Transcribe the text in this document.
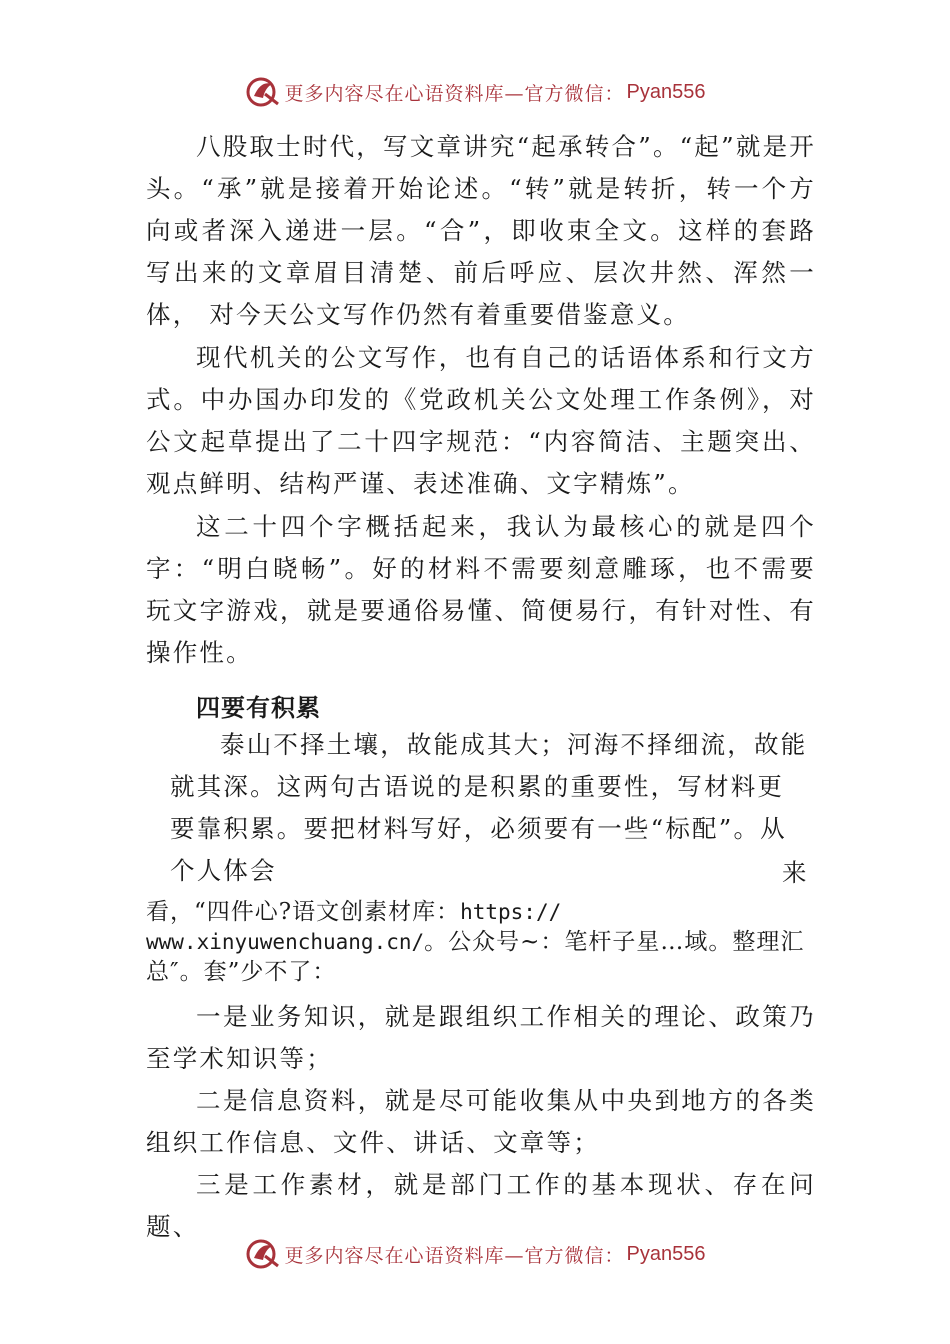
更多内容尽在心语资料库—官方微信： Pyan556

八股取士时代，写文章讲究“起承转合”。“起”就是开头。“承”就是接着开始论述。“转”就是转折，转一个方向或者深入递进一层。“合”，即收束全文。这样的套路写出来的文章眉目清楚、前后呼应、层次井然、浑然一体， 对今天公文写作仍然有着重要借鉴意义。

现代机关的公文写作，也有自己的话语体系和行文方式。中办国办印发的《党政机关公文处理工作条例》，对公文起草提出了二十四字规范：“内容简洁、主题突出、观点鲜明、结构严谨、表述准确、文字精炼”。

这二十四个字概括起来，我认为最核心的就是四个字：“明白晓畅”。好的材料不需要刻意雕琢，也不需要玩文字游戏，就是要通俗易懂、简便易行，有针对性、有操作性。

四要有积累

泰山不择土壤，故能成其大；河海不择细流，故能就其深。这两句古语说的是积累的重要性，写材料更要靠积累。要把材料写好，必须要有一些“标配”。从个人体会	来

看，“四件心?语文创素材库：https://
www.xinyuwenchuang.cn/。公众号~：笔杆子星…域。整理汇总″。套”少不了：

一是业务知识，就是跟组织工作相关的理论、政策乃至学术知识等；

二是信息资料，就是尽可能收集从中央到地方的各类组织工作信息、文件、讲话、文章等；

三是工作素材，就是部门工作的基本现状、存在问题、

更多内容尽在心语资料库—官方微信： Pyan556
